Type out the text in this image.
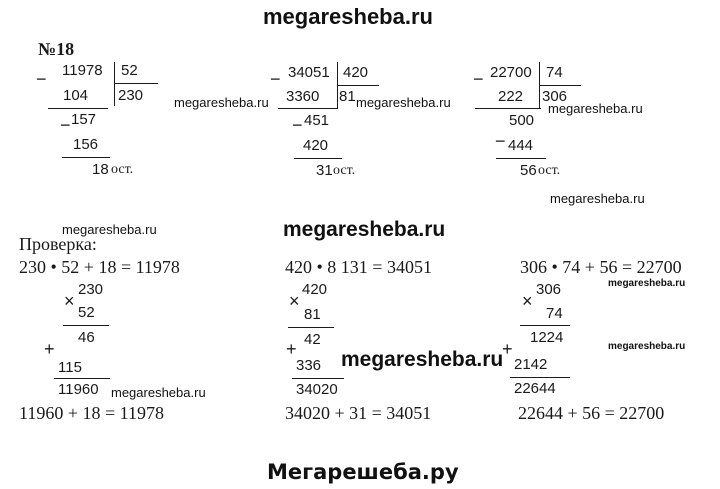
megaresheba.ru
Мегарешеба.ру
megaresheba.ru
megaresheba.ru
megaresheba.ru	megaresheba.ru	megaresheba.ru
megaresheba.ru
megaresheba.ru
megaresheba.ru
megaresheba.ru
megaresheba.ru
№18
− 11978 52
230
104
− 157
156
18 ост.
− 34051 420
81
3360
− 451
420
31 ост.
− 22700 74
306
222
500
− 444
56 ост.
Проверка:
230 • 52 + 18 = 11978	420 • 8 131 = 34051	306 • 74 + 56 = 22700
230
×
52
46
+
115
11960
420
×
81
42
+
336
34020
306
×
74
1224
+
2142
22644
11960 + 18 = 11978	34020 + 31 = 34051	22644 + 56 = 22700
